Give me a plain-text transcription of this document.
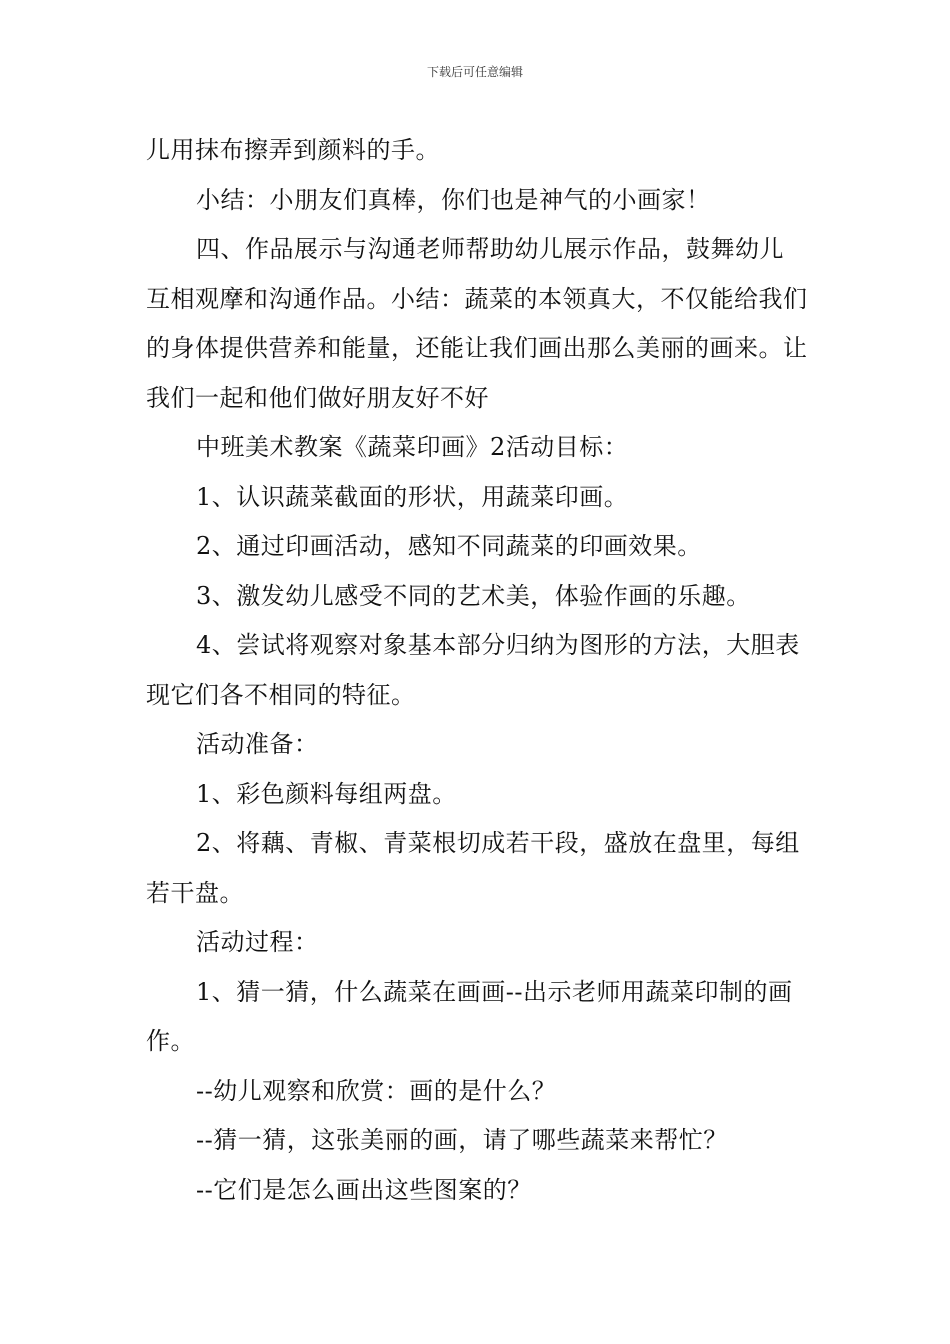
下载后可任意编辑

儿用抹布擦弄到颜料的手。

小结：小朋友们真棒，你们也是神气的小画家！

四、作品展示与沟通老师帮助幼儿展示作品，鼓舞幼儿互相观摩和沟通作品。小结：蔬菜的本领真大，不仅能给我们的身体提供营养和能量，还能让我们画出那么美丽的画来。让我们一起和他们做好朋友好不好

中班美术教案《蔬菜印画》2活动目标：

1、认识蔬菜截面的形状，用蔬菜印画。

2、通过印画活动，感知不同蔬菜的印画效果。

3、激发幼儿感受不同的艺术美，体验作画的乐趣。

4、尝试将观察对象基本部分归纳为图形的方法，大胆表现它们各不相同的特征。

活动准备：

1、彩色颜料每组两盘。

2、将藕、青椒、青菜根切成若干段，盛放在盘里，每组若干盘。

活动过程：

1、猜一猜，什么蔬菜在画画--出示老师用蔬菜印制的画作。

--幼儿观察和欣赏：画的是什么？

--猜一猜，这张美丽的画，请了哪些蔬菜来帮忙？

--它们是怎么画出这些图案的？
